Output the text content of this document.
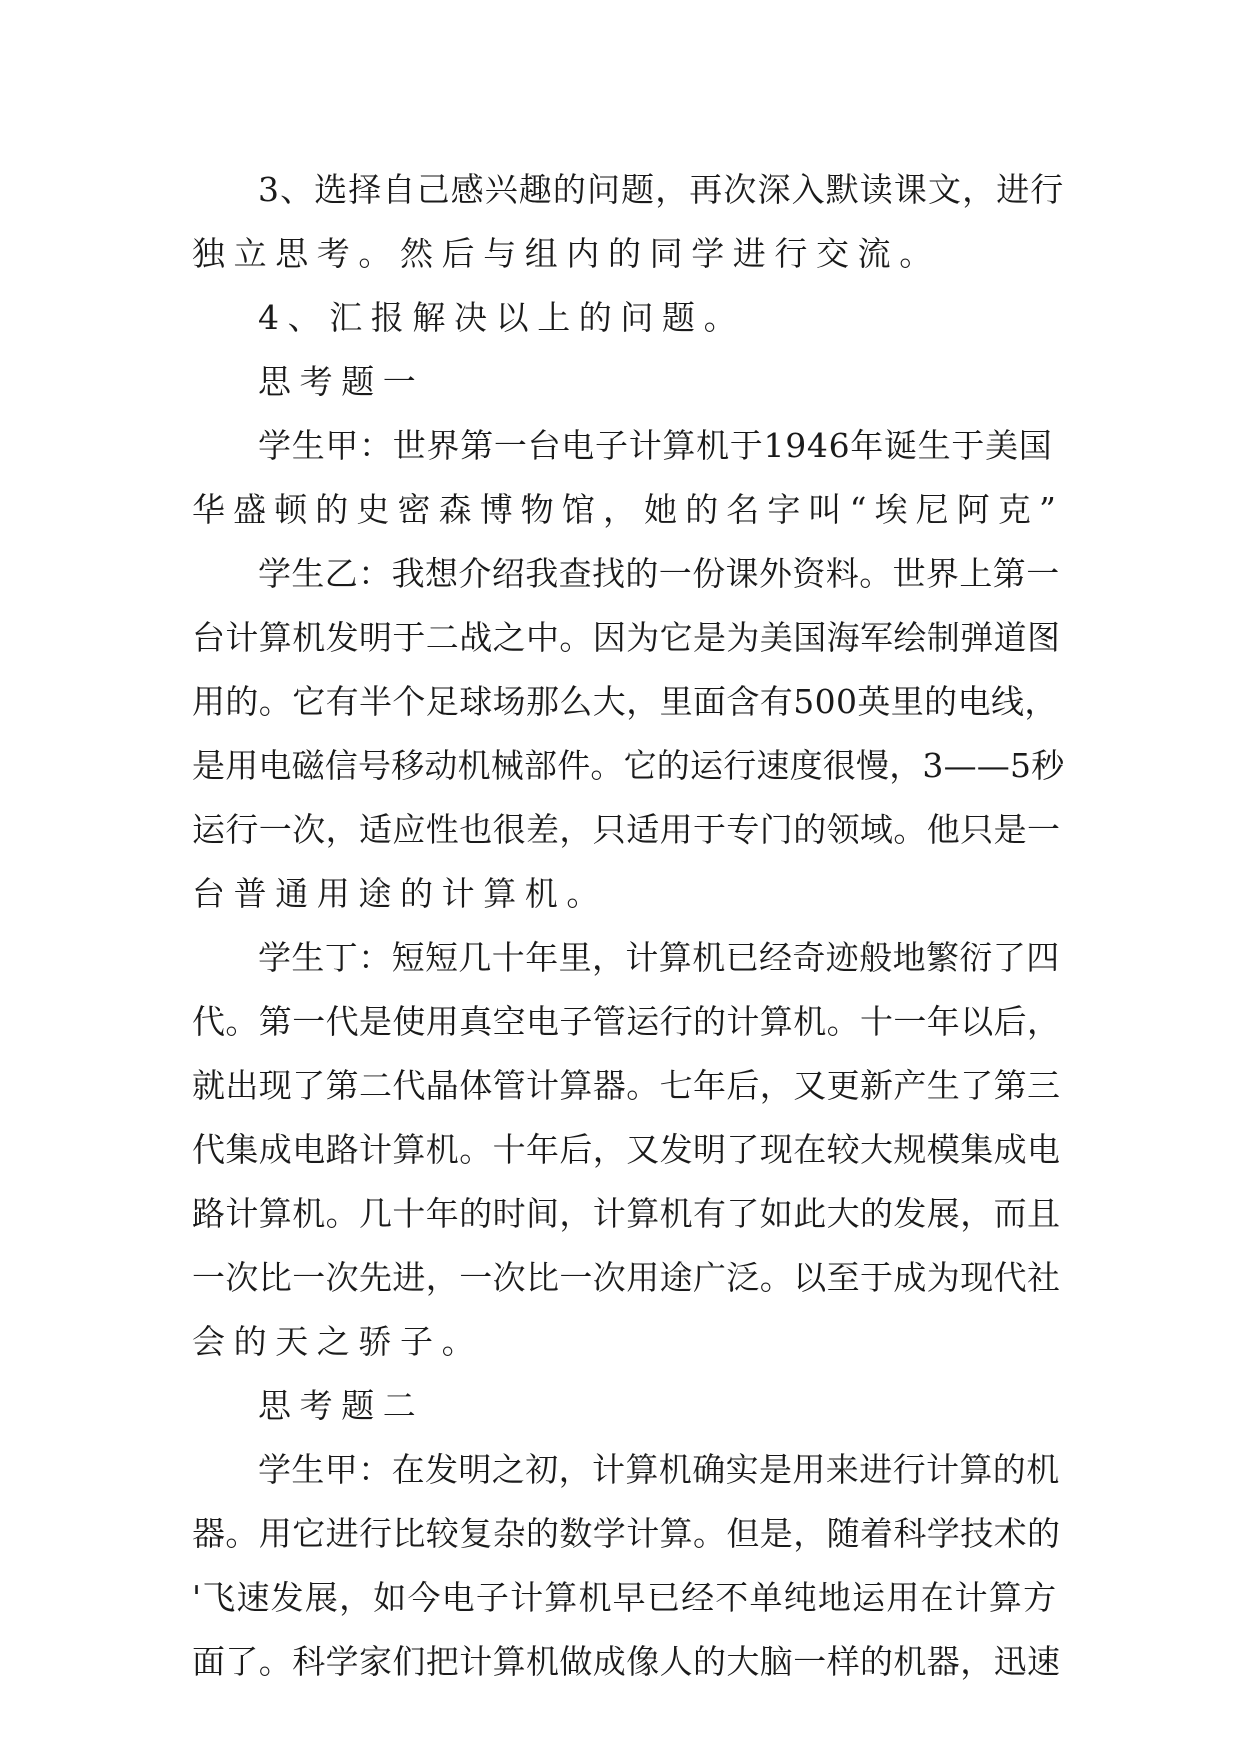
3、选择自己感兴趣的问题，再次深入默读课文，进行
独立思考。然后与组内的同学进行交流。
4、汇报解决以上的问题。
思考题一
学生甲：世界第一台电子计算机于1946年诞生于美国
华盛顿的史密森博物馆，她的名字叫“埃尼阿克”
学生乙：我想介绍我查找的一份课外资料。世界上第一
台计算机发明于二战之中。因为它是为美国海军绘制弹道图
用的。它有半个足球场那么大，里面含有500英里的电线，
是用电磁信号移动机械部件。它的运行速度很慢，3——5秒
运行一次，适应性也很差，只适用于专门的领域。他只是一
台普通用途的计算机。
学生丁：短短几十年里，计算机已经奇迹般地繁衍了四
代。第一代是使用真空电子管运行的计算机。十一年以后，
就出现了第二代晶体管计算器。七年后，又更新产生了第三
代集成电路计算机。十年后，又发明了现在较大规模集成电
路计算机。几十年的时间，计算机有了如此大的发展，而且
一次比一次先进，一次比一次用途广泛。以至于成为现代社
会的天之骄子。
思考题二
学生甲：在发明之初，计算机确实是用来进行计算的机
器。用它进行比较复杂的数学计算。但是，随着科学技术的
'飞速发展，如今电子计算机早已经不单纯地运用在计算方
面了。科学家们把计算机做成像人的大脑一样的机器，迅速
